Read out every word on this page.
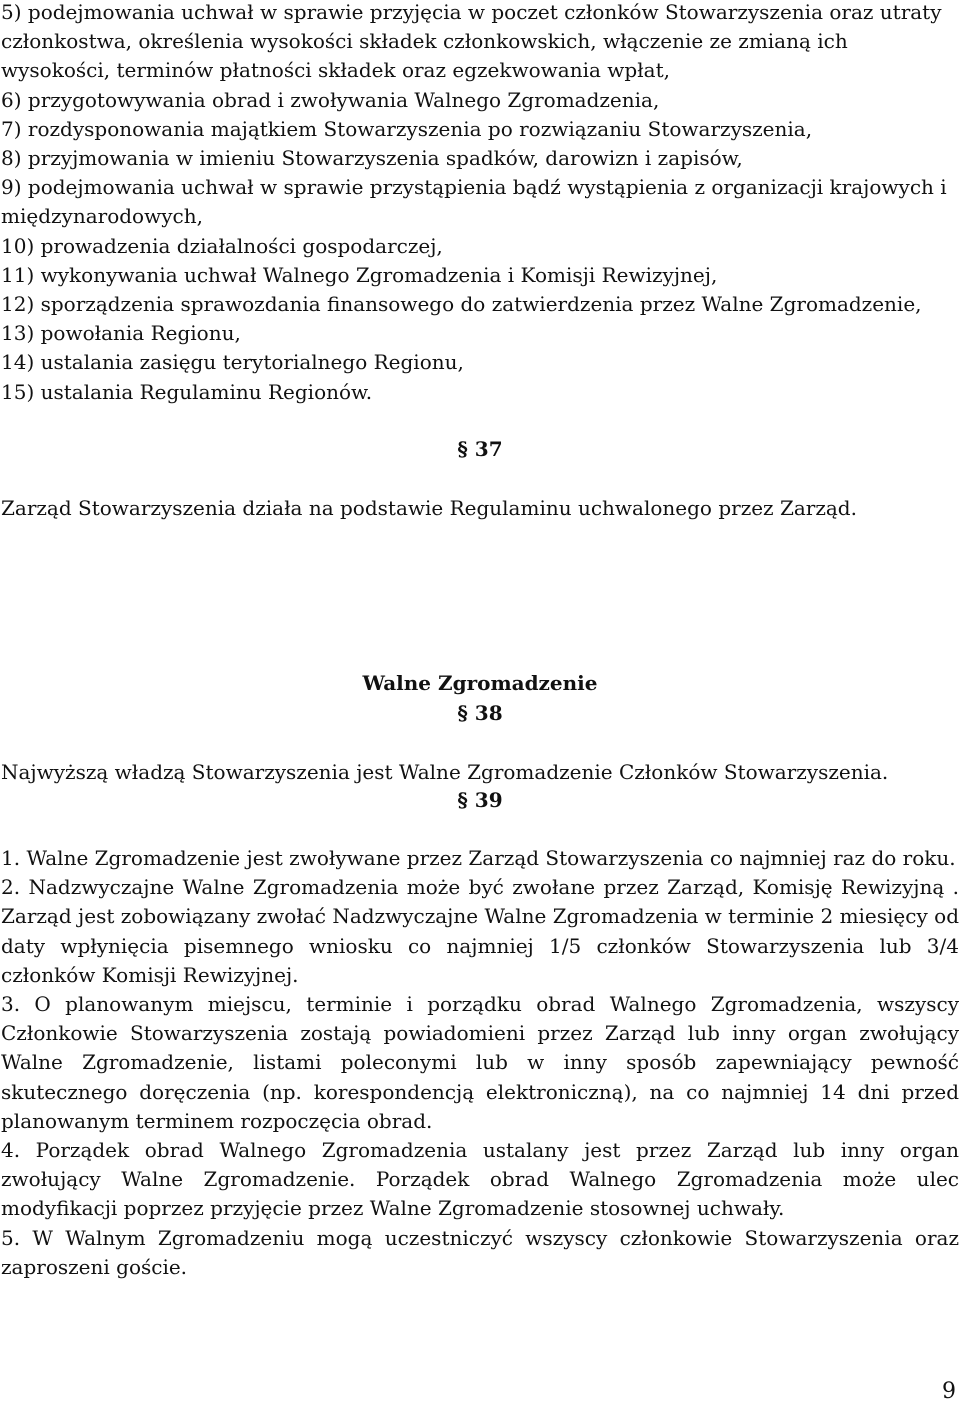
5) podejmowania uchwał w sprawie przyjęcia w poczet członków Stowarzyszenia oraz utraty członkostwa, określenia wysokości składek członkowskich, włączenie ze zmianą ich wysokości, terminów płatności składek oraz egzekwowania wpłat,

6) przygotowywania obrad i zwoływania Walnego Zgromadzenia,

7) rozdysponowania majątkiem Stowarzyszenia po rozwiązaniu Stowarzyszenia,

8) przyjmowania w imieniu Stowarzyszenia spadków, darowizn i zapisów,

9) podejmowania uchwał w sprawie przystąpienia bądź wystąpienia z organizacji krajowych i międzynarodowych,

10) prowadzenia działalności gospodarczej,

11) wykonywania uchwał Walnego Zgromadzenia i Komisji Rewizyjnej,

12) sporządzenia sprawozdania finansowego do zatwierdzenia przez Walne Zgromadzenie,

13) powołania Regionu,

14) ustalania zasięgu terytorialnego Regionu,

15) ustalania Regulaminu Regionów.

§ 37

Zarząd Stowarzyszenia działa na podstawie Regulaminu uchwalonego przez Zarząd.

Walne Zgromadzenie

§ 38

Najwyższą władzą Stowarzyszenia jest Walne Zgromadzenie Członków Stowarzyszenia.

§ 39

1. Walne Zgromadzenie jest zwoływane przez Zarząd Stowarzyszenia co najmniej raz do roku.

2. Nadzwyczajne Walne Zgromadzenia może być zwołane przez Zarząd, Komisję Rewizyjną . Zarząd jest zobowiązany zwołać Nadzwyczajne Walne Zgromadzenia w terminie 2 miesięcy od daty wpłynięcia pisemnego wniosku co najmniej 1/5 członków Stowarzyszenia lub 3/4 członków Komisji Rewizyjnej.

3. O planowanym miejscu, terminie i porządku obrad Walnego Zgromadzenia, wszyscy Członkowie Stowarzyszenia zostają powiadomieni przez Zarząd lub inny organ zwołujący Walne Zgromadzenie, listami poleconymi lub w inny sposób zapewniający pewność skutecznego doręczenia (np. korespondencją elektroniczną), na co najmniej 14 dni przed planowanym terminem rozpoczęcia obrad.

4. Porządek obrad Walnego Zgromadzenia ustalany jest przez Zarząd lub inny organ zwołujący Walne Zgromadzenie. Porządek obrad Walnego Zgromadzenia może ulec modyfikacji poprzez przyjęcie przez Walne Zgromadzenie stosownej uchwały.

5. W Walnym Zgromadzeniu mogą uczestniczyć wszyscy członkowie Stowarzyszenia oraz zaproszeni goście.

9
